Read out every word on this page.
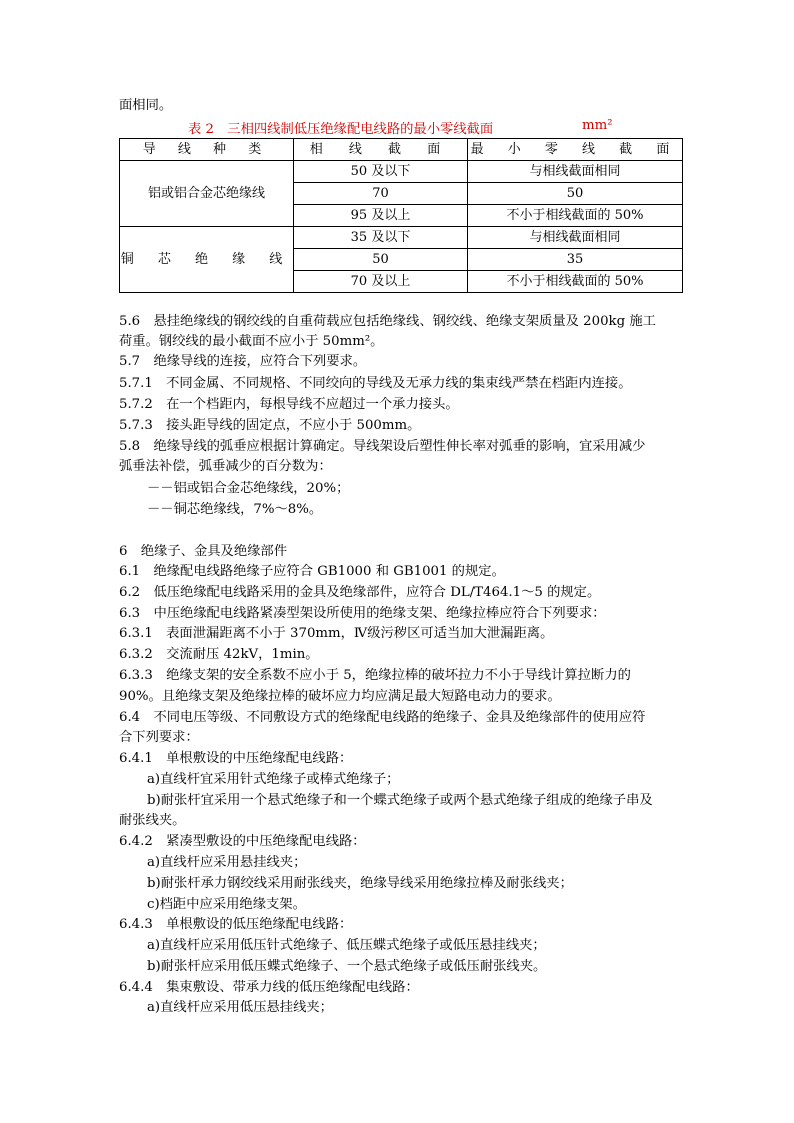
面相同。
表 2　三相四线制低压绝缘配电线路的最小零线截面	mm²
导 线 种 类	相 线 截 面	最 小 零 线 截 面
铝或铝合金芯绝缘线	50 及以下	与相线截面相同
	70	50
	95 及以上	不小于相线截面的 50%
铜 芯 绝 缘 线	35 及以下	与相线截面相同
	50	35
	70 及以上	不小于相线截面的 50%
5.6　悬挂绝缘线的钢绞线的自重荷载应包括绝缘线、钢绞线、绝缘支架质量及 200kg 施工
荷重。钢绞线的最小截面不应小于 50mm²。
5.7　绝缘导线的连接，应符合下列要求。
5.7.1　不同金属、不同规格、不同绞向的导线及无承力线的集束线严禁在档距内连接。
5.7.2　在一个档距内，每根导线不应超过一个承力接头。
5.7.3　接头距导线的固定点，不应小于 500mm。
5.8　绝缘导线的弧垂应根据计算确定。导线架设后塑性伸长率对弧垂的影响，宜采用减少
弧垂法补偿，弧垂减少的百分数为：
－－铝或铝合金芯绝缘线，20%；
－－铜芯绝缘线，7%～8%。
6　绝缘子、金具及绝缘部件
6.1　绝缘配电线路绝缘子应符合 GB1000 和 GB1001 的规定。
6.2　低压绝缘配电线路采用的金具及绝缘部件，应符合 DL/T464.1～5 的规定。
6.3　中压绝缘配电线路紧凑型架设所使用的绝缘支架、绝缘拉棒应符合下列要求：
6.3.1　表面泄漏距离不小于 370mm，Ⅳ级污秽区可适当加大泄漏距离。
6.3.2　交流耐压 42kV，1min。
6.3.3　绝缘支架的安全系数不应小于 5，绝缘拉棒的破坏拉力不小于导线计算拉断力的
90%。且绝缘支架及绝缘拉棒的破坏应力均应满足最大短路电动力的要求。
6.4　不同电压等级、不同敷设方式的绝缘配电线路的绝缘子、金具及绝缘部件的使用应符
合下列要求：
6.4.1　单根敷设的中压绝缘配电线路：
a)直线杆宜采用针式绝缘子或棒式绝缘子；
b)耐张杆宜采用一个悬式绝缘子和一个蝶式绝缘子或两个悬式绝缘子组成的绝缘子串及
耐张线夹。
6.4.2　紧凑型敷设的中压绝缘配电线路：
a)直线杆应采用悬挂线夹；
b)耐张杆承力钢绞线采用耐张线夹，绝缘导线采用绝缘拉棒及耐张线夹；
c)档距中应采用绝缘支架。
6.4.3　单根敷设的低压绝缘配电线路：
a)直线杆应采用低压针式绝缘子、低压蝶式绝缘子或低压悬挂线夹；
b)耐张杆应采用低压蝶式绝缘子、一个悬式绝缘子或低压耐张线夹。
6.4.4　集束敷设、带承力线的低压绝缘配电线路：
a)直线杆应采用低压悬挂线夹；
